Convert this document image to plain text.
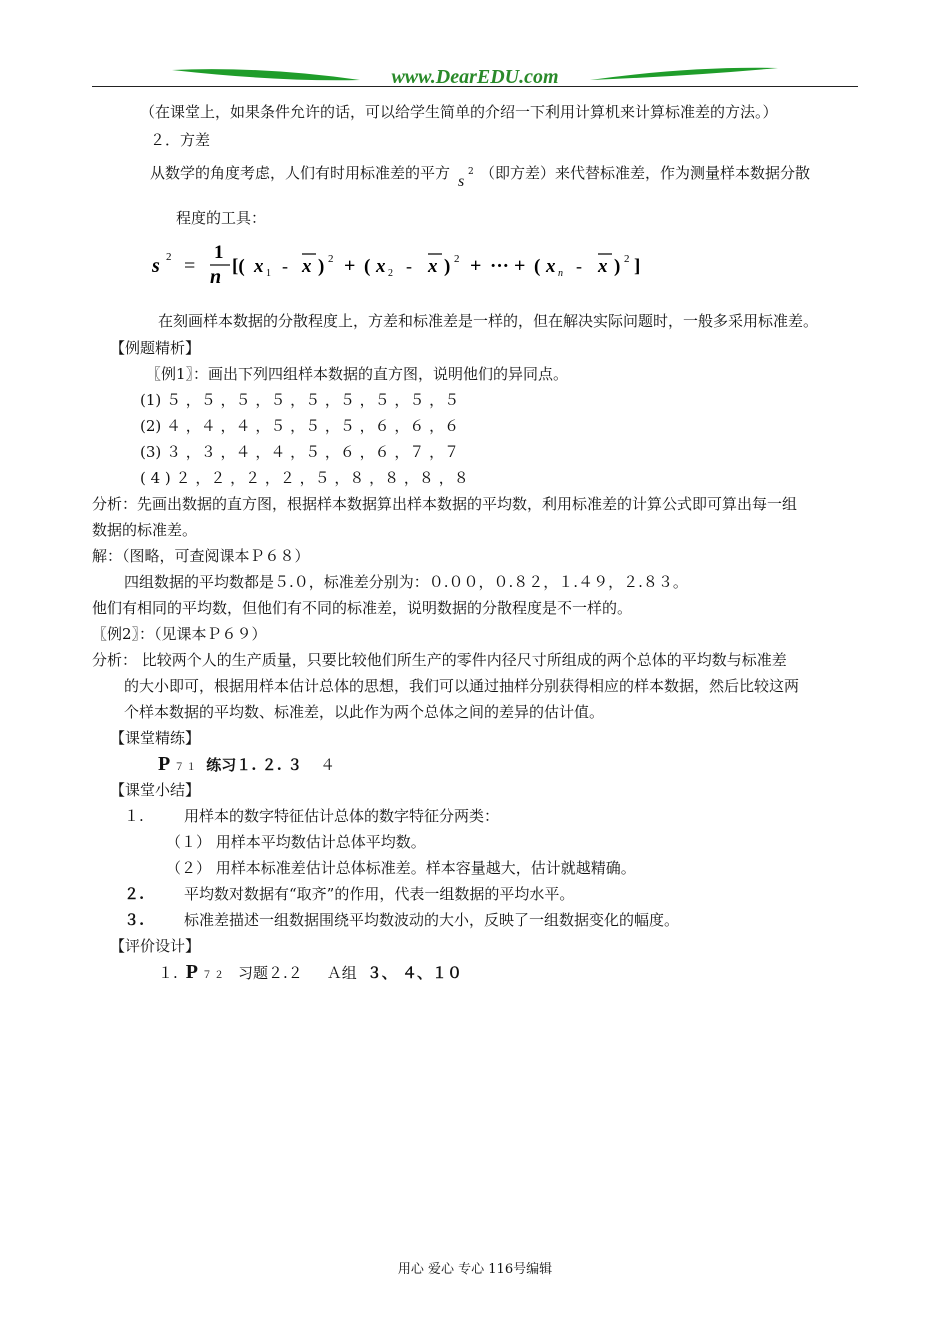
www.DearEDU.com
（在课堂上，如果条件允许的话，可以给学生简单的介绍一下利用计算机来计算标准差的方法。）
２．方差
从数学的角度考虑，人们有时用标准差的平方 s
2 （即方差）来代替标准差，作为测量样本数据分散
程度的工具：
s 2 =
1
n [( x 1 - x ) 2 + ( x 2 - x ) 2 + ··· + ( x n - x ) 2 ]
在刻画样本数据的分散程度上，方差和标准差是一样的，但在解决实际问题时，一般多采用标准差。
【例题精析】
〖例1〗：画出下列四组样本数据的直方图，说明他们的异同点。
(1) ５ ，５ ，５ ，５ ，５ ，５ ，５ ，５ ，５
(2) ４ ，４ ，４ ，５ ，５ ，５ ，６ ，６ ，６
(3) ３ ，３ ，４ ，４ ，５ ，６ ，６ ，７ ，７
( 4 ) ２ ，２ ，２ ，２ ，５ ，８ ，８ ，８ ，８
分析：先画出数据的直方图，根据样本数据算出样本数据的平均数，利用标准差的计算公式即可算出每一组
数据的标准差。
解：（图略，可查阅课本Ｐ６８）
四组数据的平均数都是５.０，标准差分别为：０.００，０.８２，１.４９，２.８３。
他们有相同的平均数，但他们有不同的标准差，说明数据的分散程度是不一样的。
〖例2〗：（见课本Ｐ６９）
分析： 比较两个人的生产质量，只要比较他们所生产的零件内径尺寸所组成的两个总体的平均数与标准差
的大小即可，根据用样本估计总体的思想，我们可以通过抽样分别获得相应的样本数据，然后比较这两
个样本数据的平均数、标准差，以此作为两个总体之间的差异的估计值。
【课堂精练】
P ７１ 练习１. ２. ３ ４
【课堂小结】
１.	用样本的数字特征估计总体的数字特征分两类：
（１） 用样本平均数估计总体平均数。
（２） 用样本标准差估计总体标准差。样本容量越大，估计就越精确。
２.	平均数对数据有“取齐”的作用，代表一组数据的平均水平。
３.	标准差描述一组数据围绕平均数波动的大小，反映了一组数据变化的幅度。
【评价设计】
１. P ７２ 习题２.２ Ａ组 ３、 ４、１０
用心 爱心 专心 116号编辑
